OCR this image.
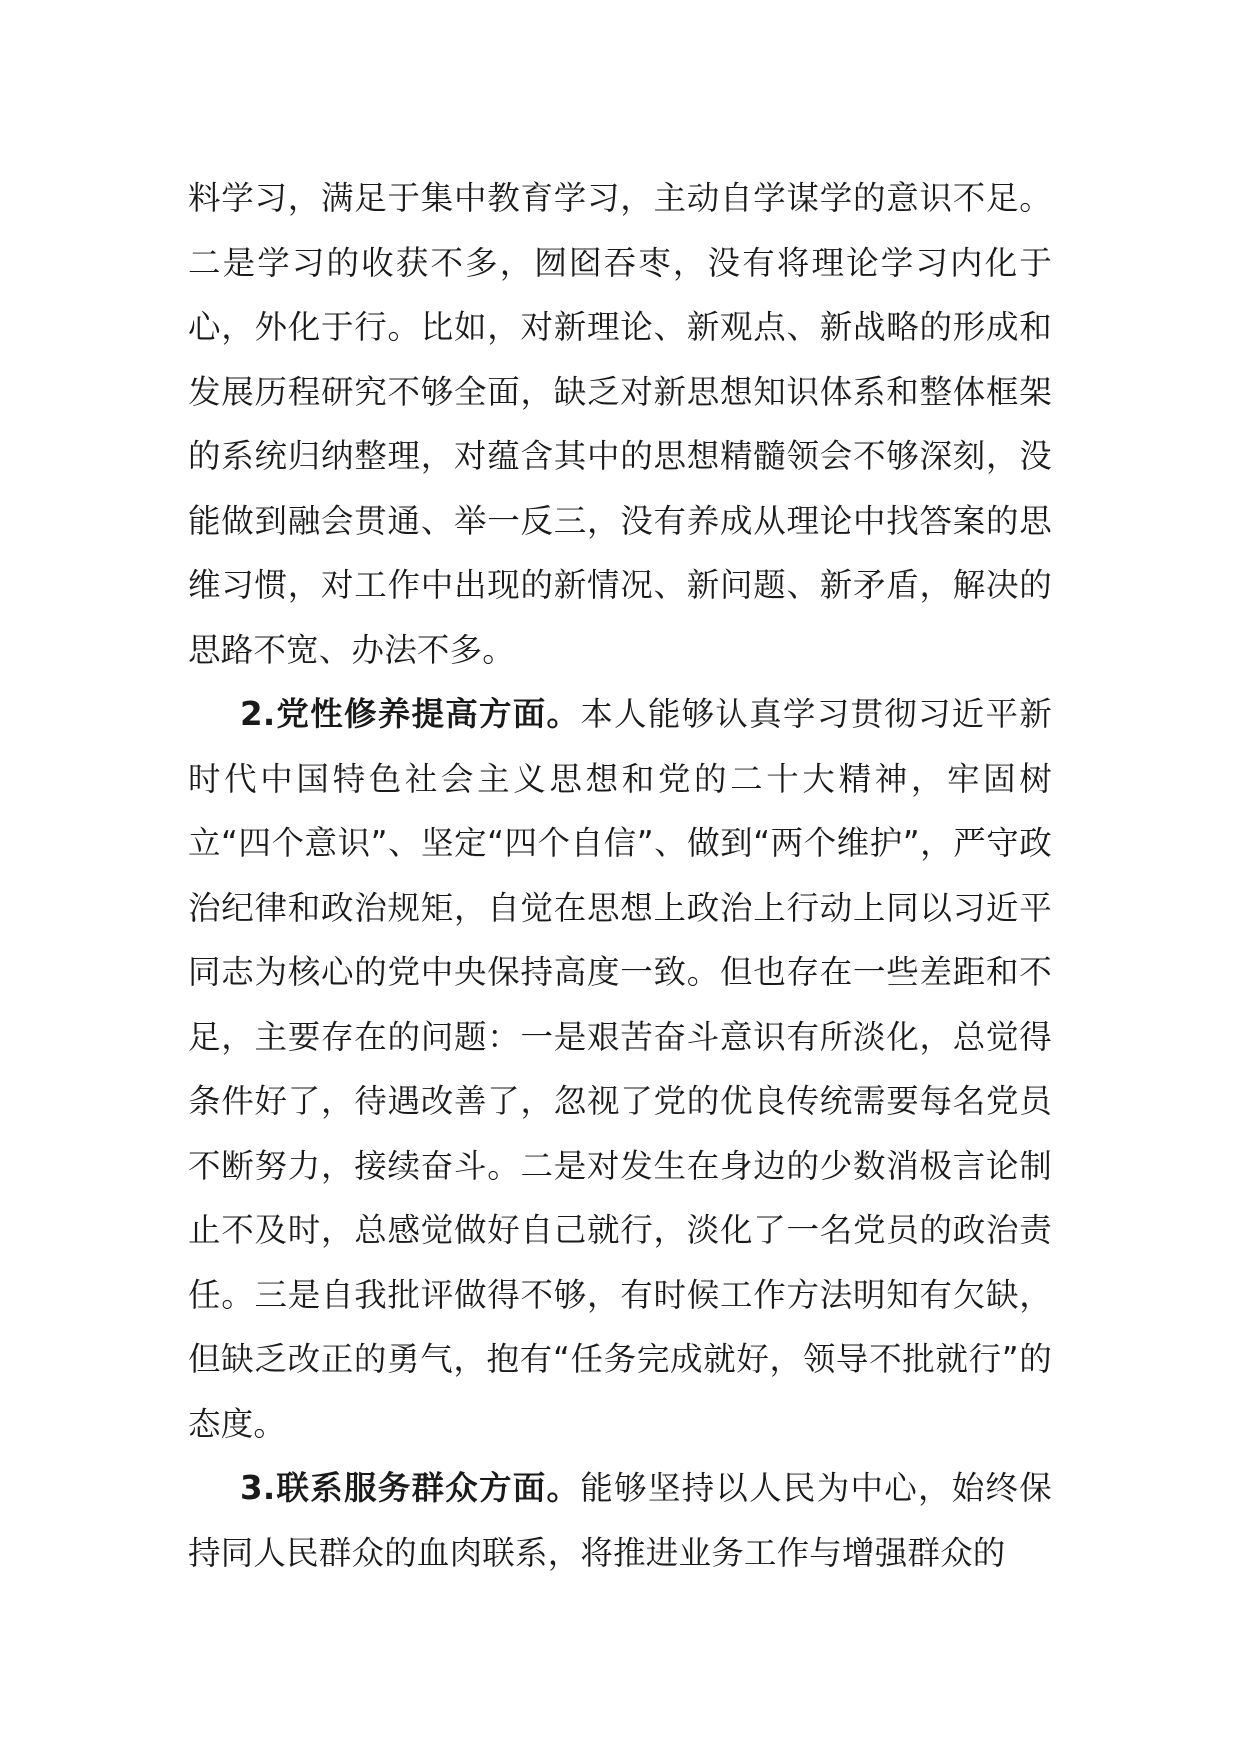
料学习，满足于集中教育学习，主动自学谋学的意识不足。二是学习的收获不多，囫囵吞枣，没有将理论学习内化于心，外化于行。比如，对新理论、新观点、新战略的形成和发展历程研究不够全面，缺乏对新思想知识体系和整体框架的系统归纳整理，对蕴含其中的思想精髓领会不够深刻，没能做到融会贯通、举一反三，没有养成从理论中找答案的思维习惯，对工作中出现的新情况、新问题、新矛盾，解决的思路不宽、办法不多。

2.党性修养提高方面。本人能够认真学习贯彻习近平新时代中国特色社会主义思想和党的二十大精神，牢固树立“四个意识”、坚定“四个自信”、做到“两个维护”，严守政治纪律和政治规矩，自觉在思想上政治上行动上同以习近平同志为核心的党中央保持高度一致。但也存在一些差距和不足，主要存在的问题：一是艰苦奋斗意识有所淡化，总觉得条件好了，待遇改善了，忽视了党的优良传统需要每名党员不断努力，接续奋斗。二是对发生在身边的少数消极言论制止不及时，总感觉做好自己就行，淡化了一名党员的政治责任。三是自我批评做得不够，有时候工作方法明知有欠缺，但缺乏改正的勇气，抱有“任务完成就好，领导不批就行”的态度。

3.联系服务群众方面。能够坚持以人民为中心，始终保持同人民群众的血肉联系，将推进业务工作与增强群众的
